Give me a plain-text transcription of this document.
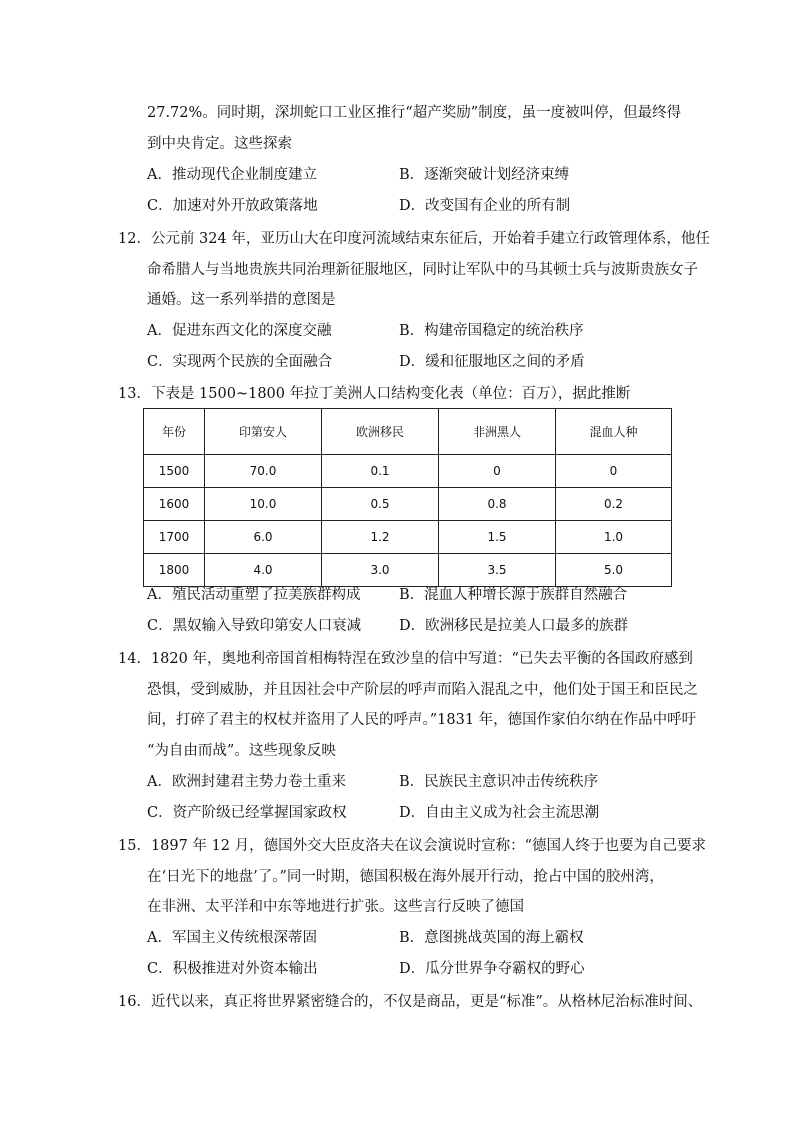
27.72%。同时期，深圳蛇口工业区推行“超产奖励”制度，虽一度被叫停，但最终得
到中央肯定。这些探索
A．推动现代企业制度建立	B．逐渐突破计划经济束缚
C．加速对外开放政策落地	D．改变国有企业的所有制
12．公元前 324 年，亚历山大在印度河流域结束东征后，开始着手建立行政管理体系，他任
命希腊人与当地贵族共同治理新征服地区，同时让军队中的马其顿士兵与波斯贵族女子
通婚。这一系列举措的意图是
A．促进东西文化的深度交融	B．构建帝国稳定的统治秩序
C．实现两个民族的全面融合	D．缓和征服地区之间的矛盾
13．下表是 1500~1800 年拉丁美洲人口结构变化表（单位：百万），据此推断
年份	印第安人	欧洲移民	非洲黑人	混血人种
1500	70.0	0.1	0	0
1600	10.0	0.5	0.8	0.2
1700	6.0	1.2	1.5	1.0
1800	4.0	3.0	3.5	5.0
A．殖民活动重塑了拉美族群构成	B．混血人种增长源于族群自然融合
C．黑奴输入导致印第安人口衰减	D．欧洲移民是拉美人口最多的族群
14．1820 年，奥地利帝国首相梅特涅在致沙皇的信中写道：“已失去平衡的各国政府感到
恐惧，受到威胁，并且因社会中产阶层的呼声而陷入混乱之中，他们处于国王和臣民之
间，打碎了君主的权杖并盗用了人民的呼声。”1831 年，德国作家伯尔纳在作品中呼吁
“为自由而战”。这些现象反映
A．欧洲封建君主势力卷土重来	B．民族民主意识冲击传统秩序
C．资产阶级已经掌握国家政权	D．自由主义成为社会主流思潮
15．1897 年 12 月，德国外交大臣皮洛夫在议会演说时宣称：“德国人终于也要为自己要求
在‘日光下的地盘’了。”同一时期，德国积极在海外展开行动，抢占中国的胶州湾，
在非洲、太平洋和中东等地进行扩张。这些言行反映了德国
A．军国主义传统根深蒂固	B．意图挑战英国的海上霸权
C．积极推进对外资本输出	D．瓜分世界争夺霸权的野心
16．近代以来，真正将世界紧密缝合的，不仅是商品，更是“标准”。从格林尼治标准时间、
